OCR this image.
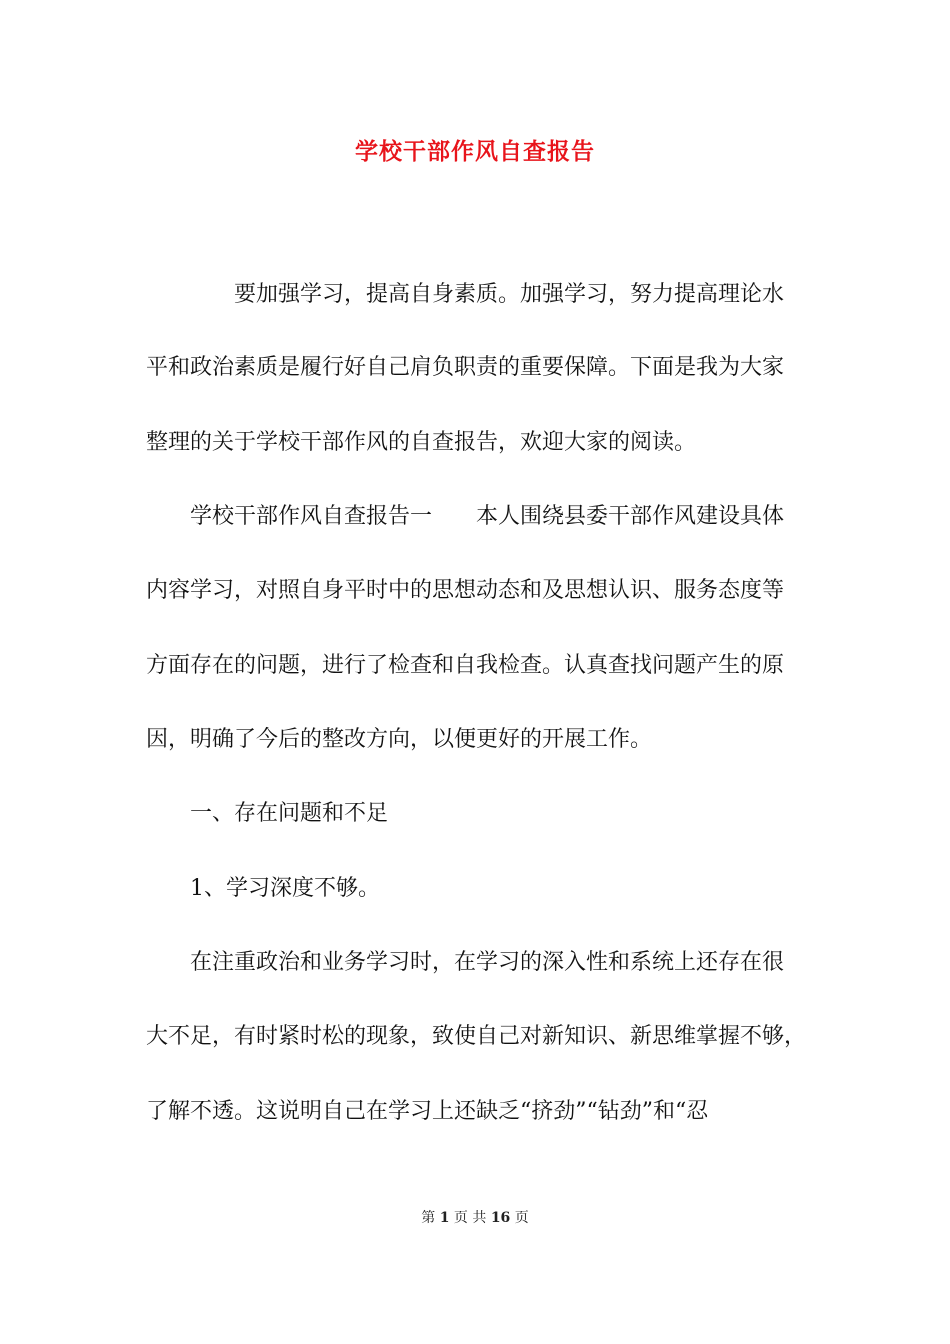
学校干部作风自查报告

要加强学习，提高自身素质。加强学习，努力提高理论水

平和政治素质是履行好自己肩负职责的重要保障。下面是我为大家

整理的关于学校干部作风的自查报告，欢迎大家的阅读。

学校干部作风自查报告一　　本人围绕县委干部作风建设具体

内容学习，对照自身平时中的思想动态和及思想认识、服务态度等

方面存在的问题，进行了检查和自我检查。认真查找问题产生的原

因，明确了今后的整改方向，以便更好的开展工作。

一、存在问题和不足

1、学习深度不够。

在注重政治和业务学习时，在学习的深入性和系统上还存在很

大不足，有时紧时松的现象，致使自己对新知识、新思维掌握不够，

了解不透。这说明自己在学习上还缺乏“挤劲”“钻劲”和“忍

第 1 页 共 16 页
